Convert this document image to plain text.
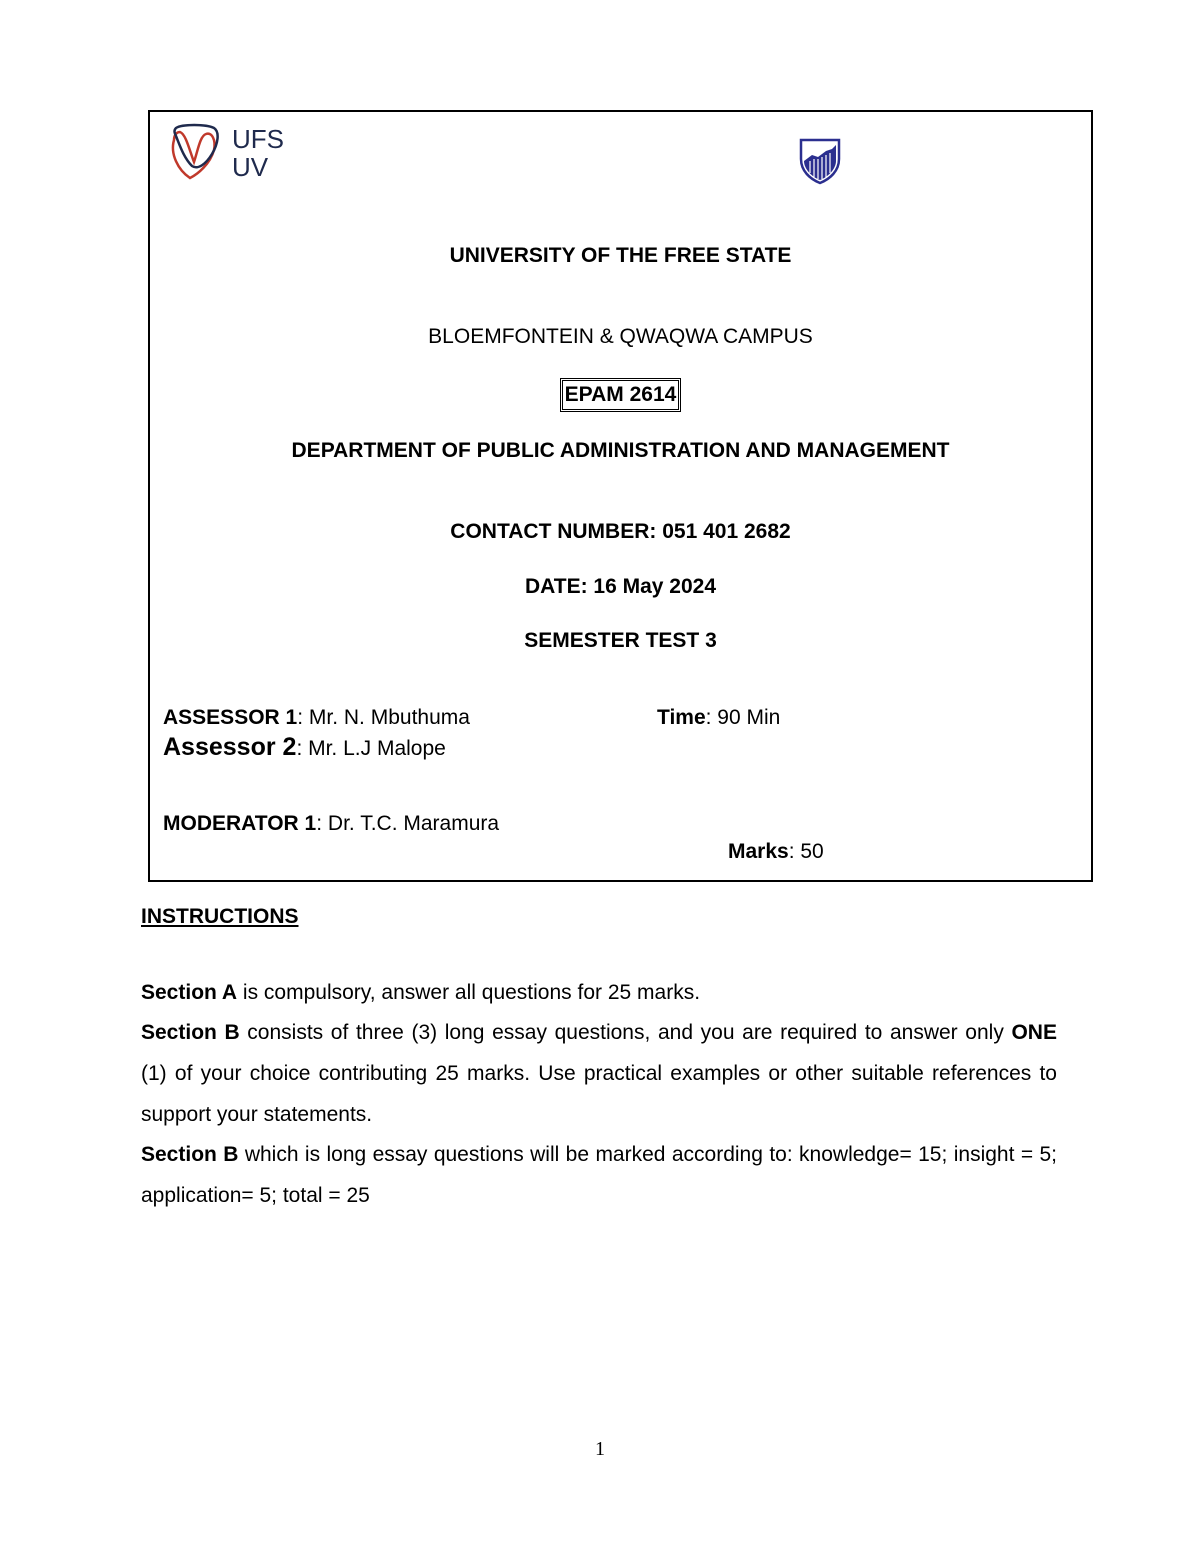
UFS
UV
UNIVERSITY OF THE FREE STATE
BLOEMFONTEIN & QWAQWA CAMPUS
EPAM 2614
DEPARTMENT OF PUBLIC ADMINISTRATION AND MANAGEMENT
CONTACT NUMBER: 051 401 2682
DATE: 16 May 2024
SEMESTER TEST 3
ASSESSOR 1: Mr. N. Mbuthuma	Time: 90 Min
Assessor 2: Mr. L.J Malope
MODERATOR 1: Dr. T.C. Maramura
Marks: 50
INSTRUCTIONS
Section A is compulsory, answer all questions for 25 marks.
Section B consists of three (3) long essay questions, and you are required to answer only ONE (1) of your choice contributing 25 marks. Use practical examples or other suitable references to support your statements.
Section B which is long essay questions will be marked according to: knowledge= 15; insight = 5; application= 5; total = 25
1
